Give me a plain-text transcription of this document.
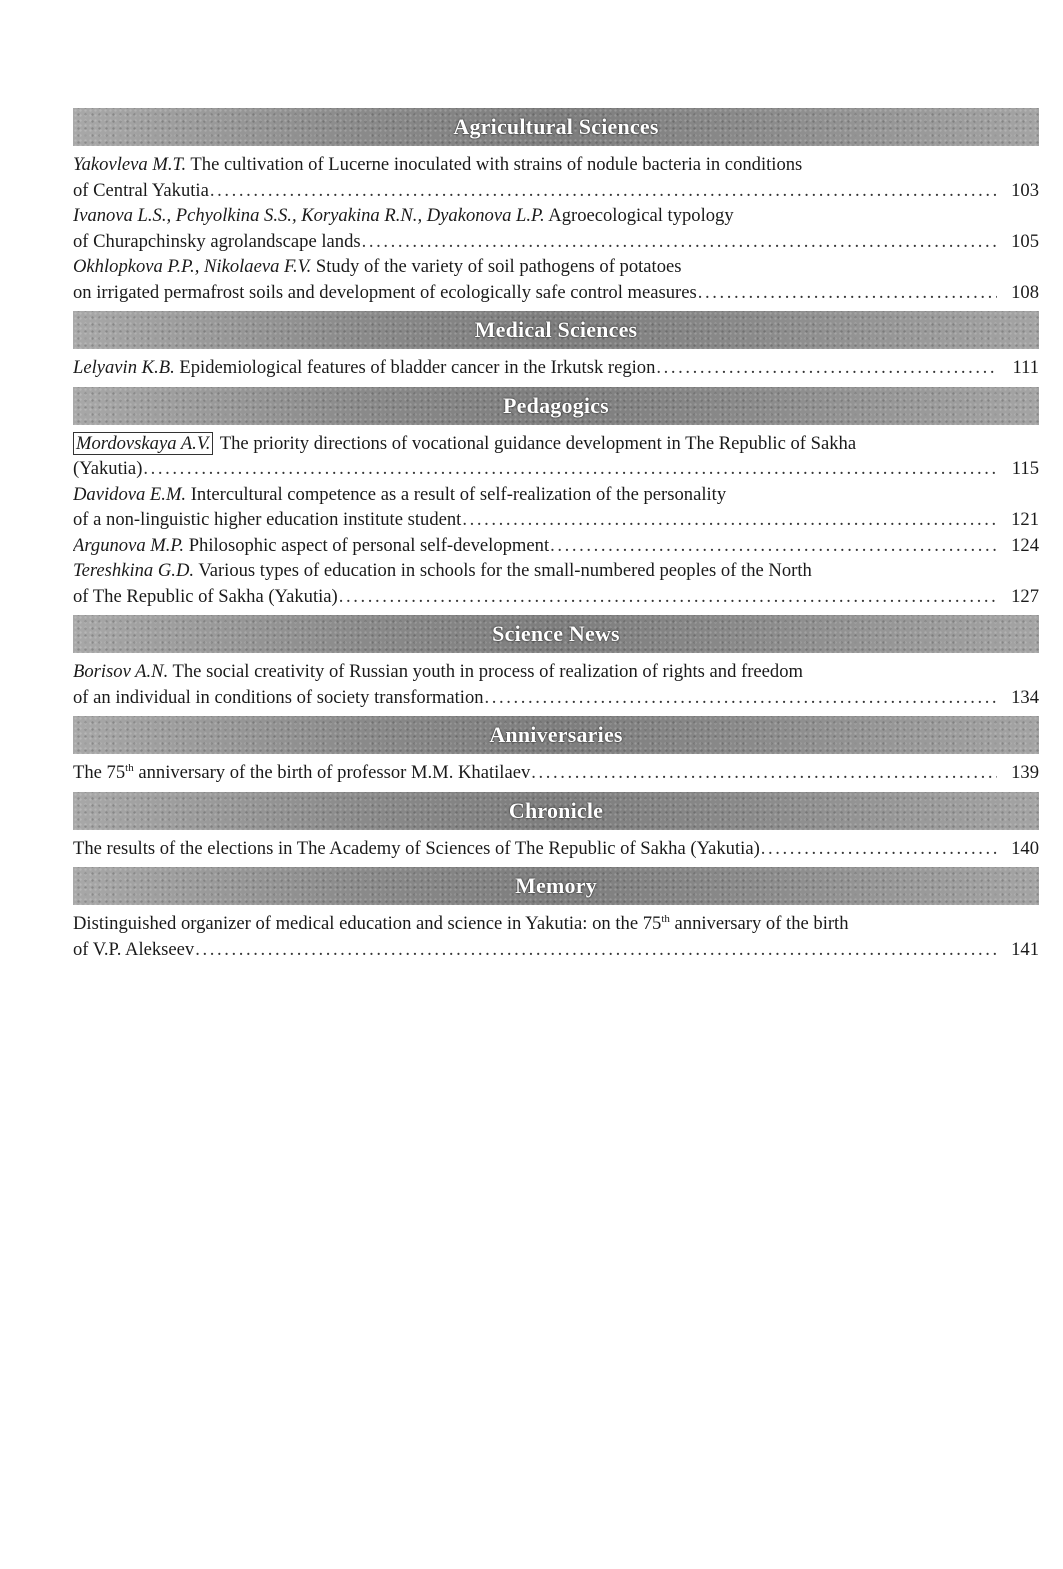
Agricultural Sciences
Yakovleva M.T. The cultivation of Lucerne inoculated with strains of nodule bacteria in conditions
of Central Yakutia .....	103
Ivanova L.S., Pchyolkina S.S., Koryakina R.N., Dyakonova L.P. Agroecological typology
of Churapchinsky agrolandscape lands .....	105
Okhlopkova P.P., Nikolaeva F.V. Study of the variety of soil pathogens of potatoes
on irrigated permafrost soils and development of ecologically safe control measures .....	108
Medical Sciences
Lelyavin K.B. Epidemiological features of bladder cancer in the Irkutsk region .....	111
Pedagogics
Mordovskaya A.V. The priority directions of vocational guidance development in The Republic of Sakha
(Yakutia) .....	115
Davidova E.M. Intercultural competence as a result of self-realization of the personality
of a non-linguistic higher education institute student .....	121
Argunova M.P. Philosophic aspect of personal self-development .....	124
Tereshkina G.D. Various types of education in schools for the small-numbered peoples of the North
of The Republic of Sakha (Yakutia) .....	127
Science News
Borisov A.N. The social creativity of Russian youth in process of realization of rights and freedom
of an individual in conditions of society transformation .....	134
Anniversaries
The 75th anniversary of the birth of professor M.M. Khatilaev .....	139
Chronicle
The results of the elections in The Academy of Sciences of The Republic of Sakha (Yakutia) .....	140
Memory
Distinguished organizer of medical education and science in Yakutia: on the 75th anniversary of the birth
of V.P. Alekseev .....	141
